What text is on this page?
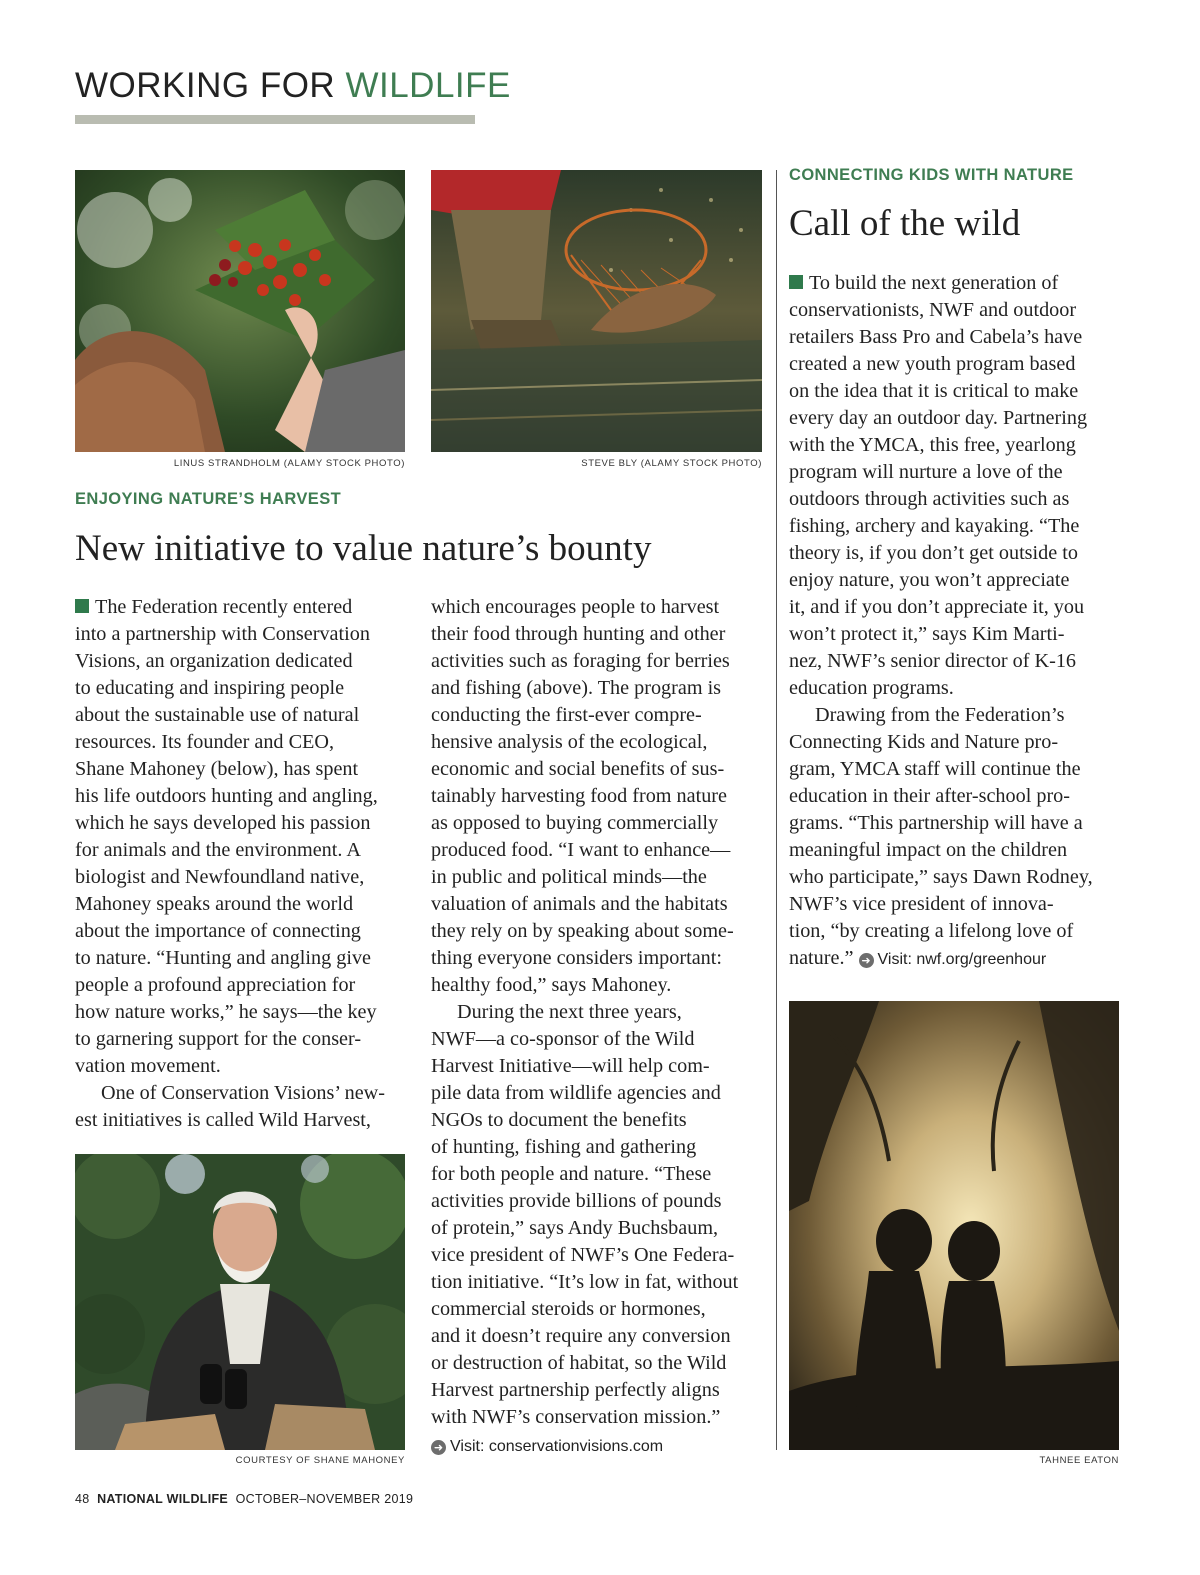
WORKING FOR WILDLIFE
LINUS STRANDHOLM (ALAMY STOCK PHOTO)	STEVE BLY (ALAMY STOCK PHOTO)
ENJOYING NATURE’S HARVEST
New initiative to value nature’s bounty

The Federation recently entered
into a partnership with Conservation
Visions, an organization dedicated
to educating and inspiring people
about the sustainable use of natural
resources. Its founder and CEO,
Shane Mahoney (below), has spent
his life outdoors hunting and angling,
which he says developed his passion
for animals and the environment. A
biologist and Newfoundland native,
Mahoney speaks around the world
about the importance of connecting
to nature. “Hunting and angling give
people a profound appreciation for
how nature works,” he says—the key
to garnering support for the conser-
vation movement.

One of Conservation Visions’ new-
est initiatives is called Wild Harvest,

COURTESY OF SHANE MAHONEY

which encourages people to harvest
their food through hunting and other
activities such as foraging for berries
and fishing (above). The program is
conducting the first-ever compre-
hensive analysis of the ecological,
economic and social benefits of sus-
tainably harvesting food from nature
as opposed to buying commercially
produced food. “I want to enhance—
in public and political minds—the
valuation of animals and the habitats
they rely on by speaking about some-
thing everyone considers important:
healthy food,” says Mahoney.

During the next three years,
NWF—a co-sponsor of the Wild
Harvest Initiative—will help com-
pile data from wildlife agencies and
NGOs to document the benefits
of hunting, fishing and gathering
for both people and nature. “These
activities provide billions of pounds
of protein,” says Andy Buchsbaum,
vice president of NWF’s One Federa-
tion initiative. “It’s low in fat, without
commercial steroids or hormones,
and it doesn’t require any conversion
or destruction of habitat, so the Wild
Harvest partnership perfectly aligns
with NWF’s conservation mission.”

➜ Visit: conservationvisions.com
CONNECTING KIDS WITH NATURE
Call of the wild

To build the next generation of
conservationists, NWF and outdoor
retailers Bass Pro and Cabela’s have
created a new youth program based
on the idea that it is critical to make
every day an outdoor day. Partnering
with the YMCA, this free, yearlong
program will nurture a love of the
outdoors through activities such as
fishing, archery and kayaking. “The
theory is, if you don’t get outside to
enjoy nature, you won’t appreciate
it, and if you don’t appreciate it, you
won’t protect it,” says Kim Marti-
nez, NWF’s senior director of K-16
education programs.

Drawing from the Federation’s
Connecting Kids and Nature pro-
gram, YMCA staff will continue the
education in their after-school pro-
grams. “This partnership will have a
meaningful impact on the children
who participate,” says Dawn Rodney,
NWF’s vice president of innova-
tion, “by creating a lifelong love of
nature.” ➜ Visit: nwf.org/greenhour

TAHNEE EATON
48 NATIONAL WILDLIFE OCTOBER–NOVEMBER 2019
